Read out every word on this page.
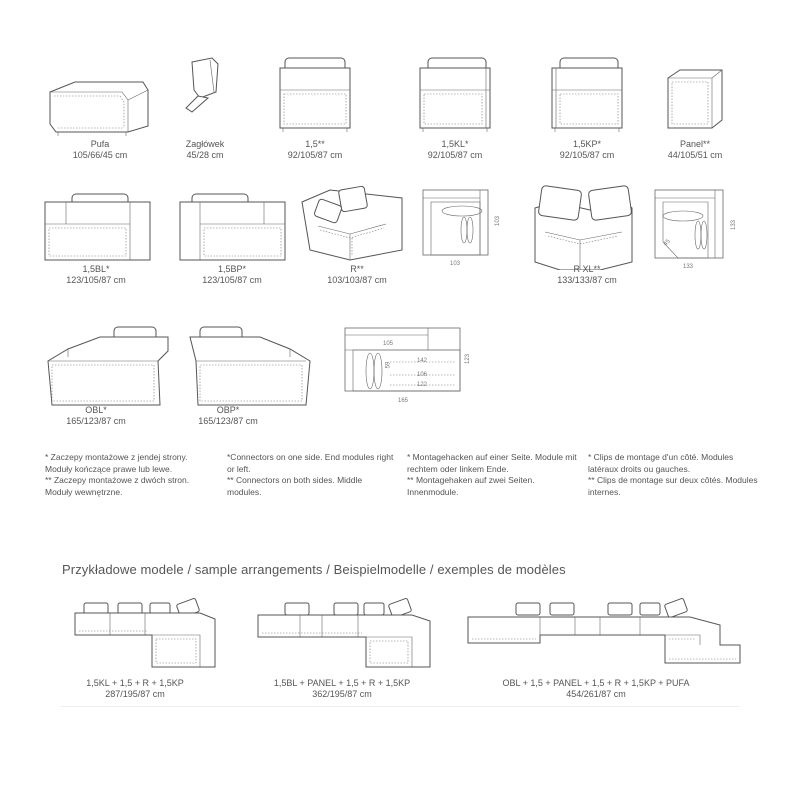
Pufa
105/66/45 cm
Zagłówek
45/28 cm
1,5**
92/105/87 cm
1,5KL*
92/105/87 cm
1,5KP*
92/105/87 cm
Panel**
44/105/51 cm
103
103
133
133
45
1,5BL*
123/105/87 cm
1,5BP*
123/105/87 cm
R**
103/103/87 cm
R XL**
133/133/87 cm
105
142
106
122
165
123
59
OBL*
165/123/87 cm
OBP*
165/123/87 cm

* Zaczepy montażowe z jendej strony. Moduły kończące prawe lub lewe.

** Zaczepy montażowe z dwóch stron. Moduły wewnętrzne.

*Connectors on one side. End modules right or left.

** Connectors on both sides. Middle modules.

* Montagehacken auf einer Seite. Module mit rechtem oder linkem Ende.

** Montagehaken auf zwei Seiten. Innenmodule.

* Clips de montage d'un côté. Modules latéraux droits ou gauches.

** Clips de montage sur deux côtés. Modules internes.

Przykładowe modele / sample arrangements / Beispielmodelle / exemples de modèles
1,5KL + 1,5 + R + 1,5KP
287/195/87 cm
1,5BL + PANEL + 1,5 + R + 1,5KP
362/195/87 cm
OBL + 1,5 + PANEL + 1,5 + R + 1,5KP + PUFA
454/261/87 cm
